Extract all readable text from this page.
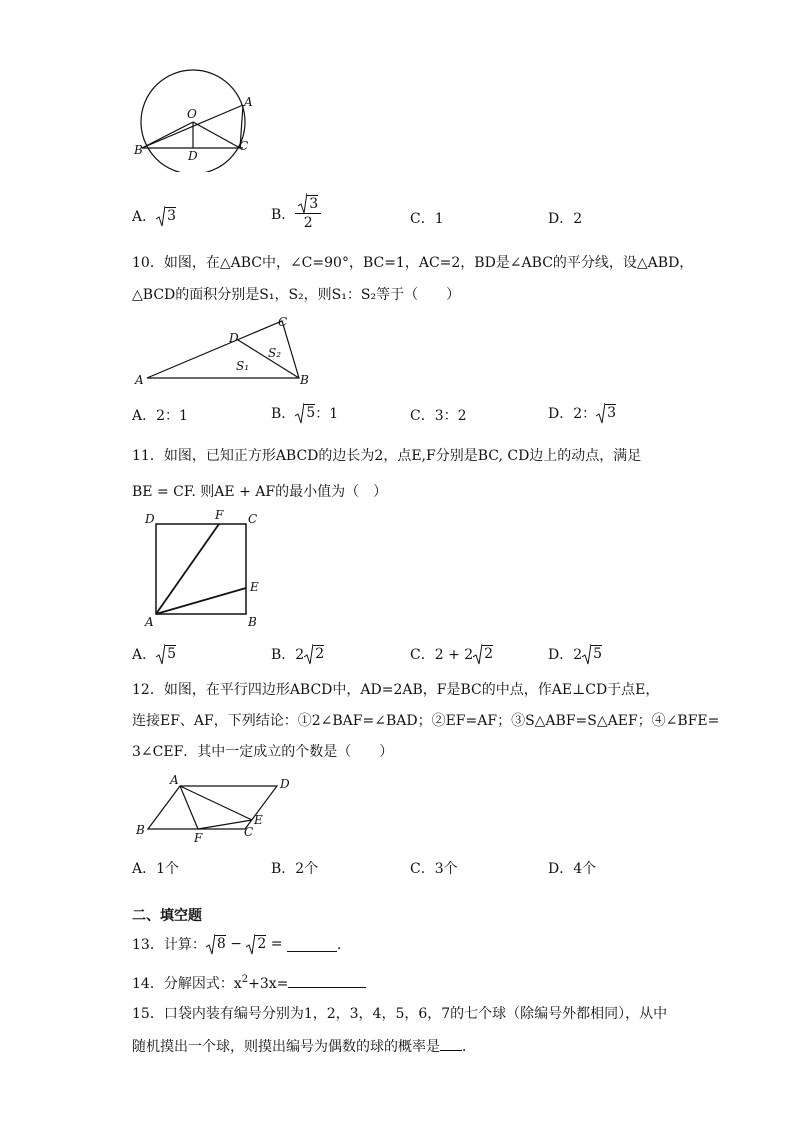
O
A
B	C
D
A． 3	B． $\frac{3}{2}$	C．1	D．2
10．如图，在△ABC中，∠C=90°，BC=1，AC=2，BD是∠ABC的平分线，设△ABD，
△BCD的面积分别是S₁，S₂，则S₁：S₂等于（　　）
A	B
C
D
S₁
S₂
A．2：1	B． 5 ：1	C．3：2	D．2： 3
11．如图，已知正方形ABCD的边长为2，点E,F分别是BC, CD边上的动点，满足
BE = CF. 则AE + AF的最小值为（　）
D	F C
E
A	B
A． 5	B．2 2	C．2 + 2 2	D．2 5
12．如图，在平行四边形ABCD中，AD=2AB，F是BC的中点，作AE⊥CD于点E，
连接EF、AF，下列结论：①2∠BAF=∠BAD；②EF=AF；③S△ABF=S△AEF；④∠BFE=
3∠CEF．其中一定成立的个数是（　　）
A	D
B
F	C
E
A．1个	B．2个	C．3个	D．4个
二、填空题
13．计算： 8 − 2 =	．
14．分解因式：$x^2+3x=$
15．口袋内装有编号分别为1，2，3，4，5，6，7的七个球（除编号外都相同），从中
随机摸出一个球，则摸出编号为偶数的球的概率是 ．
